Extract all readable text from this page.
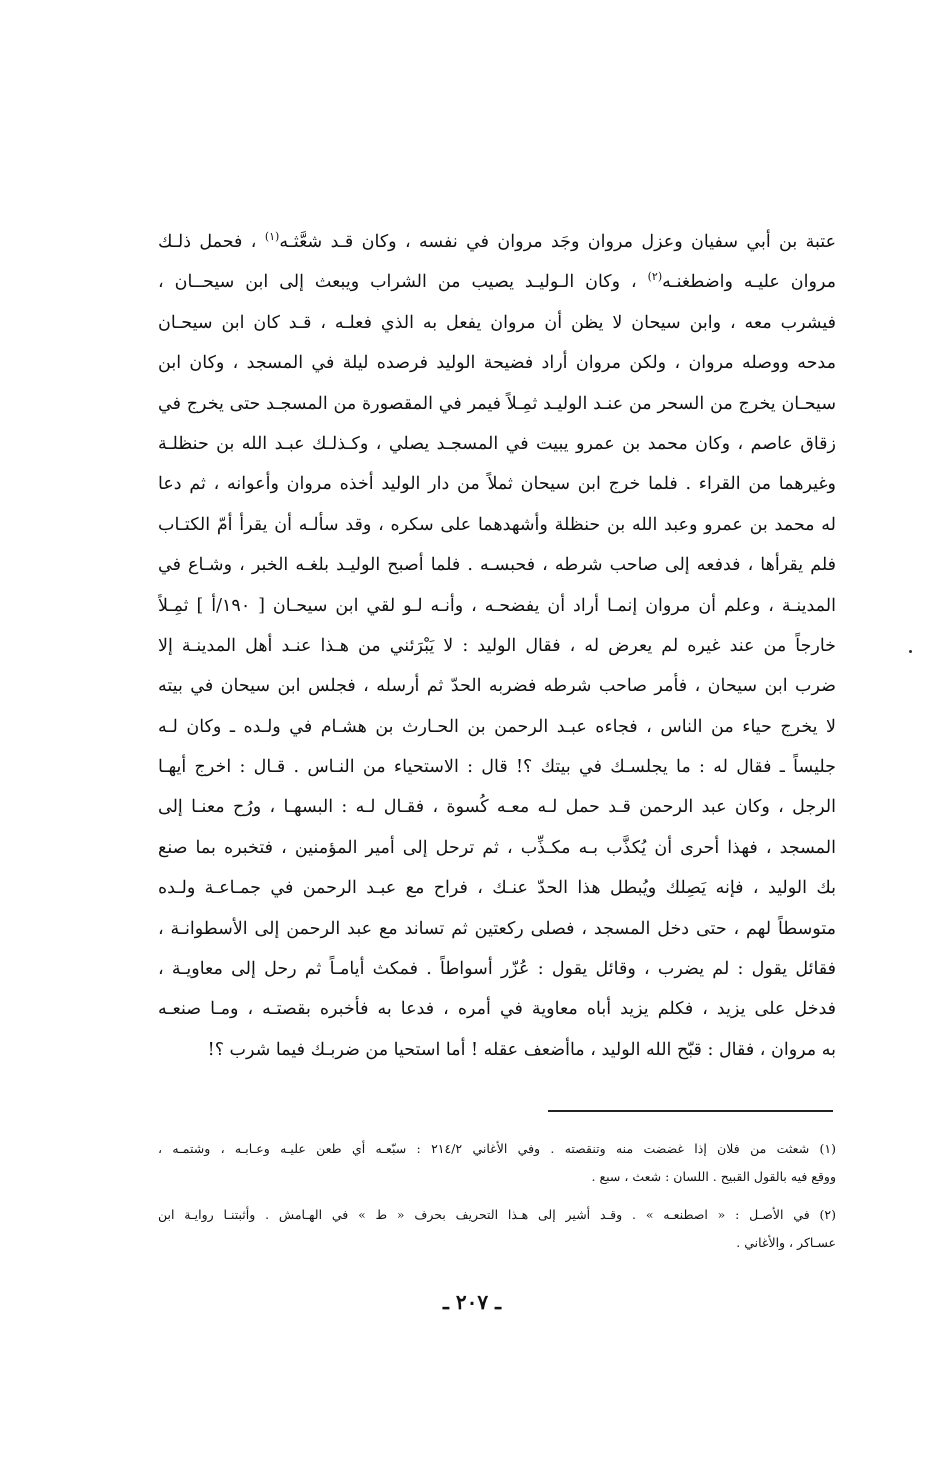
عتبة بن أبي سفيان وعزل مروان وجَد مروان في نفسه ، وكان قـد شعَّثـه$^{(١)}$ ، فحمل ذلـك
مروان عليـه واضطغنـه$^{(٢)}$ ، وكان الـوليـد يصيب من الشراب ويبعث إلى ابن سيحــان ،
فيشرب معه ، وابن سيحان لا يظن أن مروان يفعل به الذي فعلـه ، قـد كان ابن سيحـان
مدحه ووصله مروان ، ولكن مروان أراد فضيحة الوليد فرصده ليلة في المسجد ، وكان ابن
سيحـان يخرج من السحر من عنـد الوليـد ثمِـلاً فيمر في المقصورة من المسجـد حتى يخرج في
زقاق عاصم ، وكان محمد بن عمرو يبيت في المسجـد يصلي ، وكـذلـك عبـد الله بن حنظلـة
وغيرهما من القراء . فلما خرج ابن سيحان ثملاً من دار الوليد أخذه مروان وأعوانه ، ثم دعا
له محمد بن عمرو وعبد الله بن حنظلة وأشهدهما على سكره ، وقد سألـه أن يقرأ أمّ الكتـاب
فلم يقرأها ، فدفعه إلى صاحب شرطه ، فحبسـه . فلما أصبح الوليـد بلغـه الخبر ، وشـاع في
المدينـة ، وعلم أن مروان إنمـا أراد أن يفضحـه ، وأنـه لـو لقي ابن سيحـان [ ١٩٠/أ ] ثمِـلاً
خارجاً من عند غيره لم يعرض له ، فقال الوليد : لا يَبْرَئني من هـذا عنـد أهل المدينـة إلا
ضرب ابن سيحان ، فأمر صاحب شرطه فضربه الحدّ ثم أرسله ، فجلس ابن سيحان في بيته
لا يخرج حياء من الناس ، فجاءه عبـد الرحمن بن الحـارث بن هشـام في ولـده ـ وكان لـه
جليساً ـ فقال له : ما يجلسـك في بيتك ؟! قال : الاستحياء من النـاس . قـال : اخرج أيهـا
الرجل ، وكان عبد الرحمن قـد حمل لـه معـه كُسوة ، فقـال لـه : البسهـا ، ورُح معنـا إلى
المسجد ، فهذا أحرى أن يُكذَّب بـه مكـذِّب ، ثم ترحل إلى أمير المؤمنين ، فتخبره بما صنع
بك الوليد ، فإنه يَصِلك ويُبطل هذا الحدّ عنـك ، فراح مع عبـد الرحمن في جمـاعـة ولـده
متوسطاً لهم ، حتى دخل المسجد ، فصلى ركعتين ثم تساند مع عبد الرحمن إلى الأسطوانـة ،
فقائل يقول : لم يضرب ، وقائل يقول : عُزّر أسواطاً . فمكث أيامـاً ثم رحل إلى معاويـة ،
فدخل على يزيد ، فكلم يزيد أباه معاوية في أمره ، فدعا به فأخبره بقصتـه ، ومـا صنعـه
به مروان ، فقال : قبّح الله الوليد ، ماأضعف عقله ! أما استحيا من ضربـك فيما شرب ؟!
(١) شعثت من فلان إذا غضضت منه وتنقصته . وفي الأغاني ٢١٤/٢ : سبّعـه أي طعن عليـه وعـابـه ، وشتمـه ،
ووقع فيه بالقول القبيح . اللسان : شعث ، سبع .
(٢) في الأصـل : « اصطنعـه » . وقـد أشير إلى هـذا التحريف بحرف « ط » في الهـامش . وأثبتنـا روايـة ابن
عسـاكر ، والأغاني .
ـ ٢٠٧ ـ
